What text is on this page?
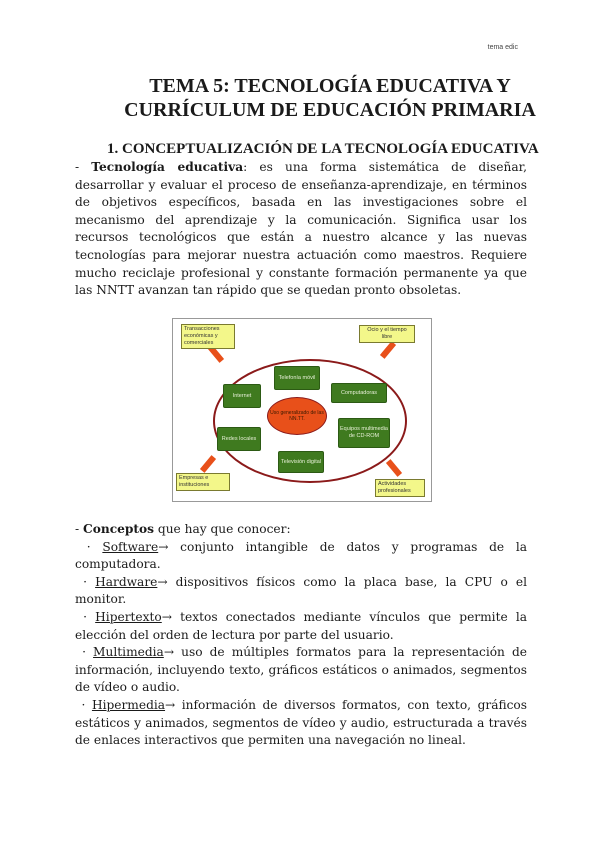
tema edic
TEMA 5: TECNOLOGÍA EDUCATIVA Y
CURRÍCULUM DE EDUCACIÓN PRIMARIA
1. CONCEPTUALIZACIÓN DE LA TECNOLOGÍA EDUCATIVA
- Tecnología educativa: es una forma sistemática de diseñar, desarrollar y evaluar el proceso de enseñanza-aprendizaje, en términos de objetivos específicos, basada en las investigaciones sobre el mecanismo del aprendizaje y la comunicación. Significa usar los recursos tecnológicos que están a nuestro alcance y las nuevas tecnologías para mejorar nuestra actuación como maestros. Requiere mucho reciclaje profesional y constante formación permanente ya que las NNTT avanzan tan rápido que se quedan pronto obsoletas.
Transacciones económicas y comerciales
Ocio y el tiempo libre
Empresas e instituciones	Actividades profesionales
Telefonía móvil
Internet	Computadoras
Redes locales
Equipos multimedia de CD-ROM
Televisión digital
Uso generalizado de las NN.TT.
- Conceptos que hay que conocer:
· Software→ conjunto intangible de datos y programas de la computadora.
· Hardware→ dispositivos físicos como la placa base, la CPU o el monitor.
· Hipertexto→ textos conectados mediante vínculos que permite la elección del orden de lectura por parte del usuario.
· Multimedia→ uso de múltiples formatos para la representación de información, incluyendo texto, gráficos estáticos o animados, segmentos de vídeo o audio.
· Hipermedia→ información de diversos formatos, con texto, gráficos estáticos y animados, segmentos de vídeo y audio, estructurada a través de enlaces interactivos que permiten una navegación no lineal.
